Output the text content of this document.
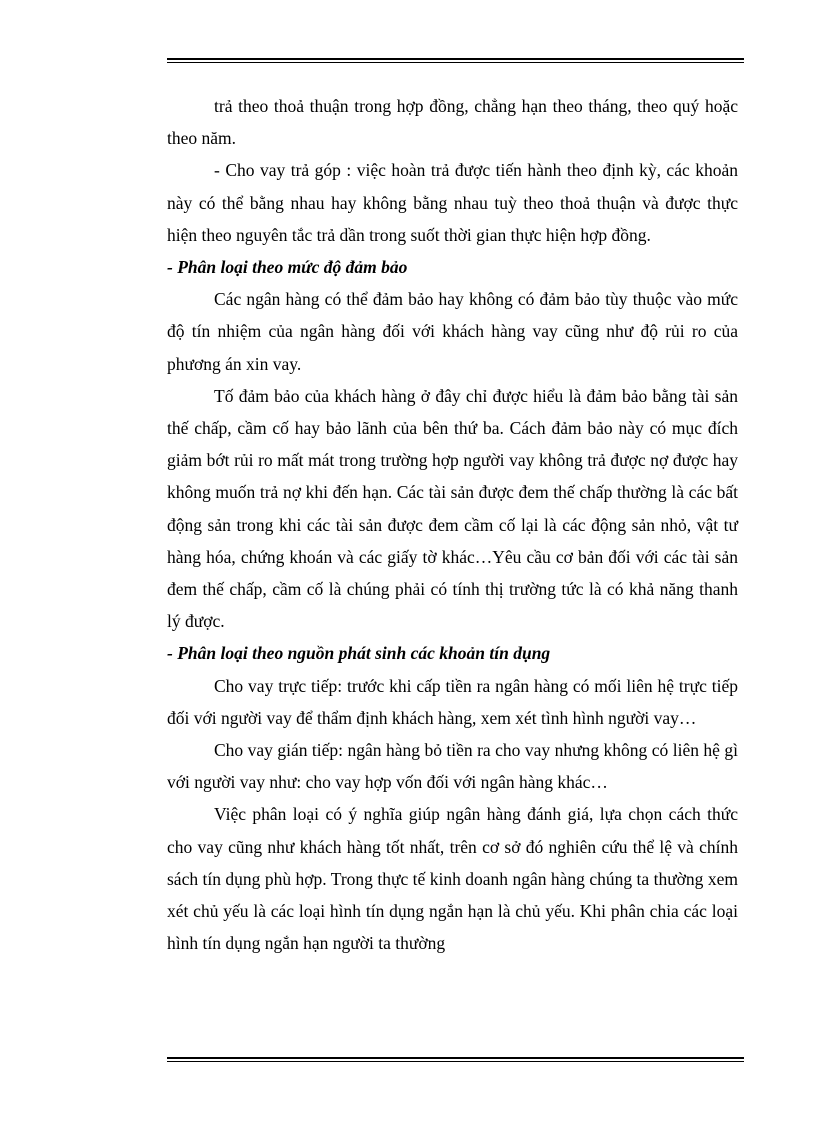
trả theo thoả thuận trong hợp đồng, chẳng hạn theo tháng, theo quý hoặc theo năm.

- Cho vay trả góp : việc hoàn trả được tiến hành theo định kỳ, các khoản này có thể bằng nhau hay không bằng nhau tuỳ theo thoả thuận và được thực hiện theo nguyên tắc trả dần trong suốt thời gian thực hiện hợp đồng.

- Phân loại theo mức độ đảm bảo

Các ngân hàng có thể đảm bảo hay không có đảm bảo tùy thuộc vào mức độ tín nhiệm của ngân hàng đối với khách hàng vay cũng như độ rủi ro của phương án xin vay.

Tố đảm bảo của khách hàng ở đây chỉ được hiểu là đảm bảo bằng tài sản thế chấp, cầm cố hay bảo lãnh của bên thứ ba. Cách đảm bảo này có mục đích giảm bớt rủi ro mất mát trong trường hợp người vay không trả được nợ được hay không muốn trả nợ khi đến hạn. Các tài sản được đem thế chấp thường là các bất động sản trong khi các tài sản được đem cầm cố lại là các động sản nhỏ, vật tư hàng hóa, chứng khoán và các giấy tờ khác…Yêu cầu cơ bản đối với các tài sản đem thế chấp, cầm cố là chúng phải có tính thị trường tức là có khả năng thanh lý được.

- Phân loại theo nguồn phát sinh các khoản tín dụng

Cho vay trực tiếp: trước khi cấp tiền ra ngân hàng có mối liên hệ trực tiếp đối với người vay để thẩm định khách hàng, xem xét tình hình người vay…

Cho vay gián tiếp: ngân hàng bỏ tiền ra cho vay nhưng không có liên hệ gì với người vay như: cho vay hợp vốn đối với ngân hàng khác…

Việc phân loại có ý nghĩa giúp ngân hàng đánh giá, lựa chọn cách thức cho vay cũng như khách hàng tốt nhất, trên cơ sở đó nghiên cứu thể lệ và chính sách tín dụng phù hợp. Trong thực tế kinh doanh ngân hàng chúng ta thường xem xét chủ yếu là các loại hình tín dụng ngắn hạn là chủ yếu. Khi phân chia các loại hình tín dụng ngắn hạn người ta thường
